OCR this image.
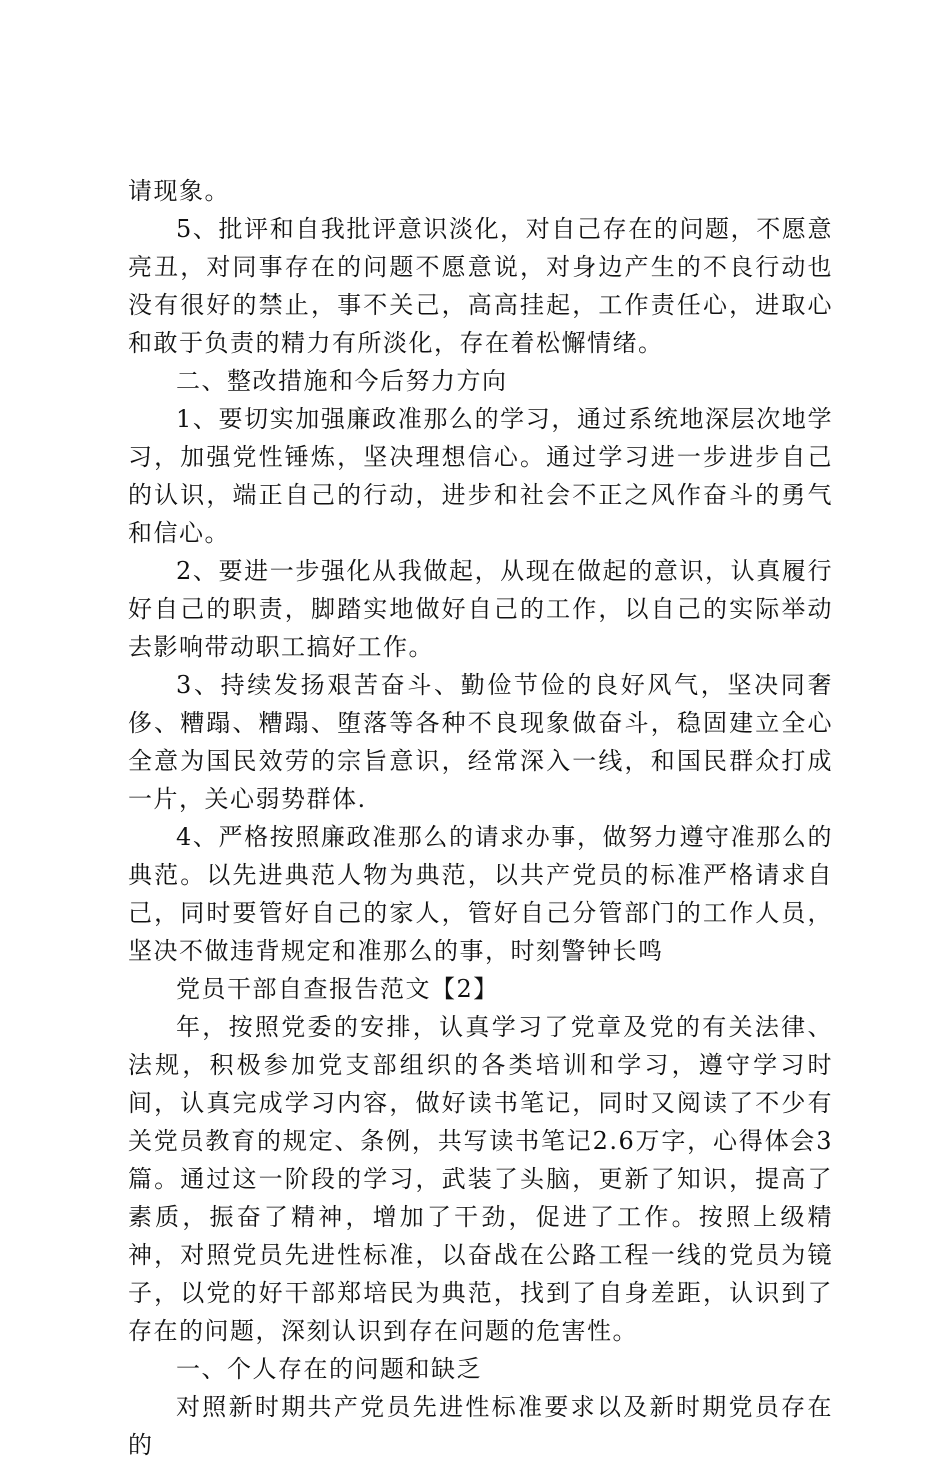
请现象。

5、批评和自我批评意识淡化，对自己存在的问题，不愿意亮丑，对同事存在的问题不愿意说，对身边产生的不良行动也没有很好的禁止，事不关己，高高挂起，工作责任心，进取心和敢于负责的精力有所淡化，存在着松懈情绪。

二、整改措施和今后努力方向

1、要切实加强廉政准那么的学习，通过系统地深层次地学习，加强党性锤炼，坚决理想信心。通过学习进一步进步自己的认识，端正自己的行动，进步和社会不正之风作奋斗的勇气和信心。

2、要进一步强化从我做起，从现在做起的意识，认真履行好自己的职责，脚踏实地做好自己的工作，以自己的实际举动去影响带动职工搞好工作。

3、持续发扬艰苦奋斗、勤俭节俭的良好风气，坚决同奢侈、糟蹋、糟蹋、堕落等各种不良现象做奋斗，稳固建立全心全意为国民效劳的宗旨意识，经常深入一线，和国民群众打成一片，关心弱势群体.

4、严格按照廉政准那么的请求办事，做努力遵守准那么的典范。以先进典范人物为典范，以共产党员的标准严格请求自己，同时要管好自己的家人，管好自己分管部门的工作人员，坚决不做违背规定和准那么的事，时刻警钟长鸣

党员干部自查报告范文【2】

年，按照党委的安排，认真学习了党章及党的有关法律、法规，积极参加党支部组织的各类培训和学习，遵守学习时间，认真完成学习内容，做好读书笔记，同时又阅读了不少有关党员教育的规定、条例，共写读书笔记2.6万字，心得体会3篇。通过这一阶段的学习，武装了头脑，更新了知识，提高了素质，振奋了精神，增加了干劲，促进了工作。按照上级精神，对照党员先进性标准，以奋战在公路工程一线的党员为镜子，以党的好干部郑培民为典范，找到了自身差距，认识到了存在的问题，深刻认识到存在问题的危害性。

一、个人存在的问题和缺乏

对照新时期共产党员先进性标准要求以及新时期党员存在的
